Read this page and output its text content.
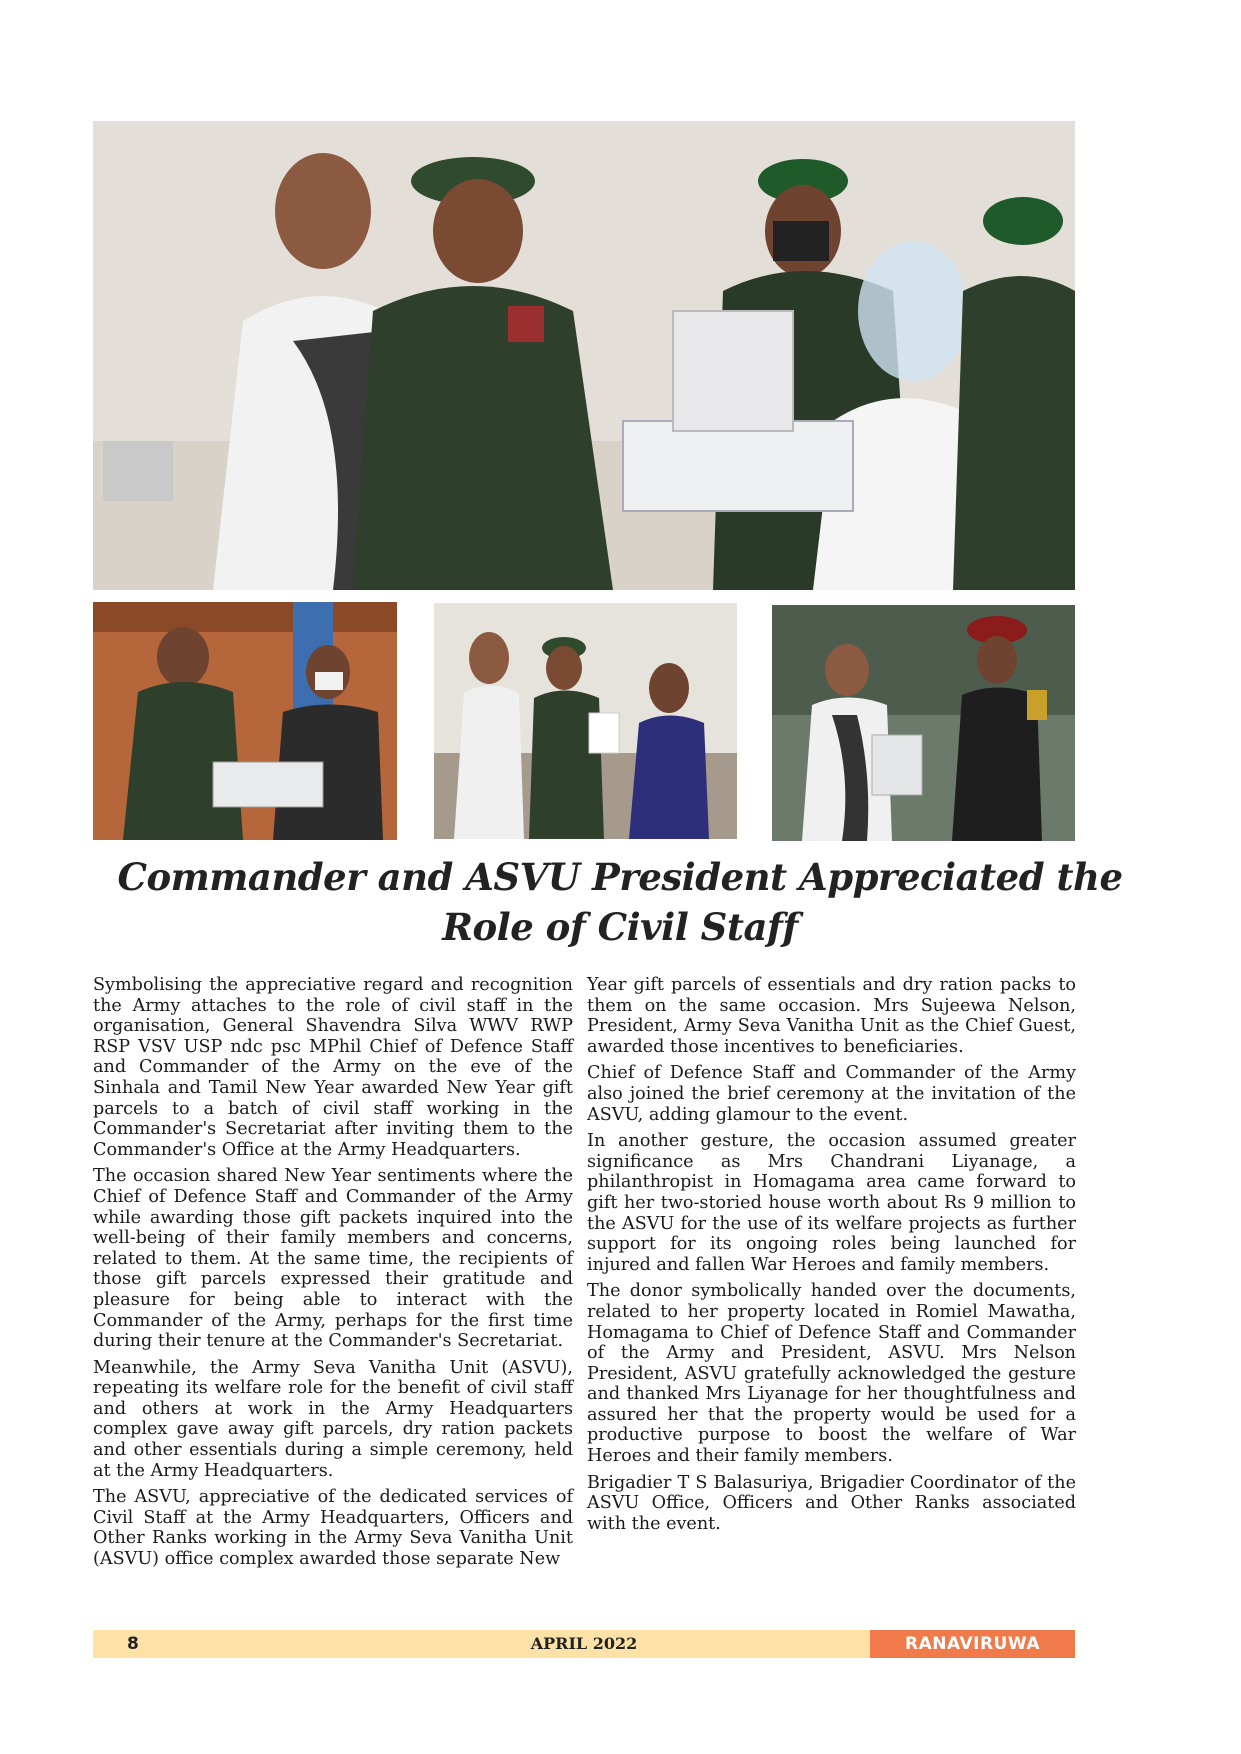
Commander and ASVU President Appreciated the Role of Civil Staff

Symbolising the appreciative regard and recognition the Army attaches to the role of civil staff in the organisation, General Shavendra Silva WWV RWP RSP VSV USP ndc psc MPhil Chief of Defence Staff and Commander of the Army on the eve of the Sinhala and Tamil New Year awarded New Year gift parcels to a batch of civil staff working in the Commander's Secretariat after inviting them to the Commander's Office at the Army Headquarters.

The occasion shared New Year sentiments where the Chief of Defence Staff and Commander of the Army while awarding those gift packets inquired into the well-being of their family members and concerns, related to them. At the same time, the recipients of those gift parcels expressed their gratitude and pleasure for being able to interact with the Commander of the Army, perhaps for the first time during their tenure at the Commander's Secretariat.

Meanwhile, the Army Seva Vanitha Unit (ASVU), repeating its welfare role for the benefit of civil staff and others at work in the Army Headquarters complex gave away gift parcels, dry ration packets and other essentials during a simple ceremony, held at the Army Headquarters.

The ASVU, appreciative of the dedicated services of Civil Staff at the Army Headquarters, Officers and Other Ranks working in the Army Seva Vanitha Unit (ASVU) office complex awarded those separate New

Year gift parcels of essentials and dry ration packs to them on the same occasion. Mrs Sujeewa Nelson, President, Army Seva Vanitha Unit as the Chief Guest, awarded those incentives to beneficiaries.

Chief of Defence Staff and Commander of the Army also joined the brief ceremony at the invitation of the ASVU, adding glamour to the event.

In another gesture, the occasion assumed greater significance as Mrs Chandrani Liyanage, a philanthropist in Homagama area came forward to gift her two-storied house worth about Rs 9 million to the ASVU for the use of its welfare projects as further support for its ongoing roles being launched for injured and fallen War Heroes and family members.

The donor symbolically handed over the documents, related to her property located in Romiel Mawatha, Homagama to Chief of Defence Staff and Commander of the Army and President, ASVU. Mrs Nelson President, ASVU gratefully acknowledged the gesture and thanked Mrs Liyanage for her thoughtfulness and assured her that the property would be used for a productive purpose to boost the welfare of War Heroes and their family members.

Brigadier T S Balasuriya, Brigadier Coordinator of the ASVU Office, Officers and Other Ranks associated with the event.

8	APRIL 2022	RANAVIRUWA
